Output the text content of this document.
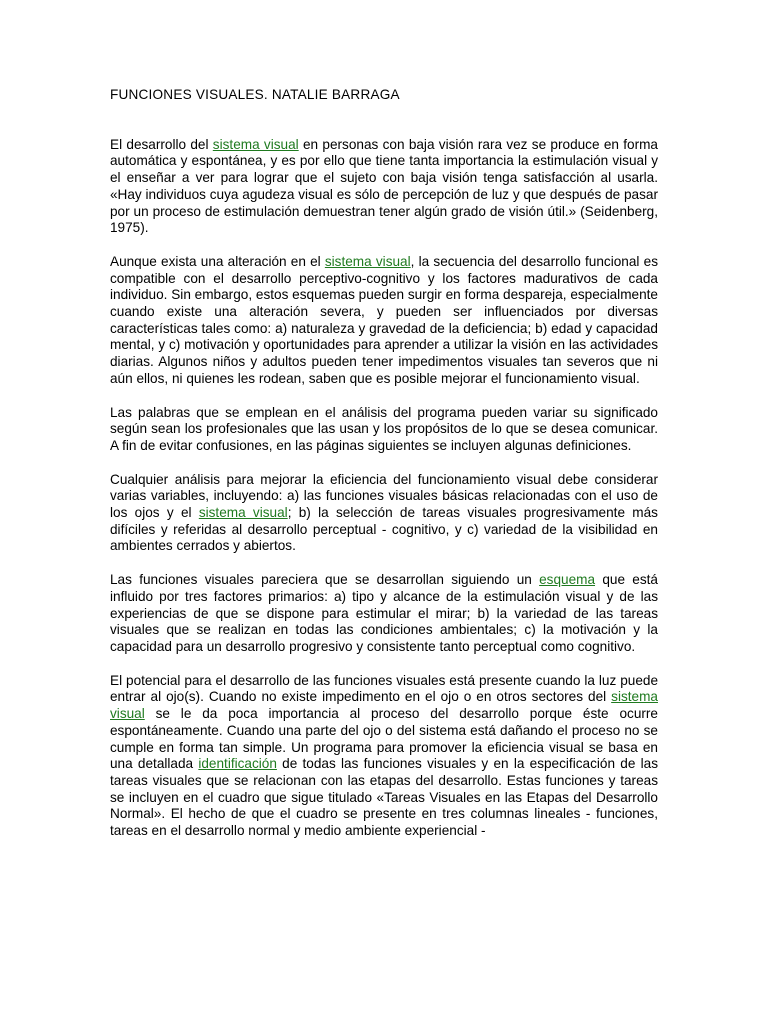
FUNCIONES VISUALES. NATALIE BARRAGA

El desarrollo del sistema visual en personas con baja visión rara vez se produce en forma automática y espontánea, y es por ello que tiene tanta importancia la estimulación visual y el enseñar a ver para lograr que el sujeto con baja visión tenga satisfacción al usarla. «Hay individuos cuya agudeza visual es sólo de percepción de luz y que después de pasar por un proceso de estimulación demuestran tener algún grado de visión útil.» (Seidenberg, 1975).

Aunque exista una alteración en el sistema visual, la secuencia del desarrollo funcional es compatible con el desarrollo perceptivo-cognitivo y los factores madurativos de cada individuo. Sin embargo, estos esquemas pueden surgir en forma despareja, especialmente cuando existe una alteración severa, y pueden ser influenciados por diversas características tales como: a) naturaleza y gravedad de la deficiencia; b) edad y capacidad mental, y c) motivación y oportunidades para aprender a utilizar la visión en las actividades diarias. Algunos niños y adultos pueden tener impedimentos visuales tan severos que ni aún ellos, ni quienes les rodean, saben que es posible mejorar el funcionamiento visual.

Las palabras que se emplean en el análisis del programa pueden variar su significado según sean los profesionales que las usan y los propósitos de lo que se desea comunicar. A fin de evitar confusiones, en las páginas siguientes se incluyen algunas definiciones.

Cualquier análisis para mejorar la eficiencia del funcionamiento visual debe considerar varias variables, incluyendo: a) las funciones visuales básicas relacionadas con el uso de los ojos y el sistema visual; b) la selección de tareas visuales progresivamente más difíciles y referidas al desarrollo perceptual - cognitivo, y c) variedad de la visibilidad en ambientes cerrados y abiertos.

Las funciones visuales pareciera que se desarrollan siguiendo un esquema que está influido por tres factores primarios: a) tipo y alcance de la estimulación visual y de las experiencias de que se dispone para estimular el mirar; b) la variedad de las tareas visuales que se realizan en todas las condiciones ambientales; c) la motivación y la capacidad para un desarrollo progresivo y consistente tanto perceptual como cognitivo.

El potencial para el desarrollo de las funciones visuales está presente cuando la luz puede entrar al ojo(s). Cuando no existe impedimento en el ojo o en otros sectores del sistema visual se le da poca importancia al proceso del desarrollo porque éste ocurre espontáneamente. Cuando una parte del ojo o del sistema está dañando el proceso no se cumple en forma tan simple. Un programa para promover la eficiencia visual se basa en una detallada identificación de todas las funciones visuales y en la especificación de las tareas visuales que se relacionan con las etapas del desarrollo. Estas funciones y tareas se incluyen en el cuadro que sigue titulado «Tareas Visuales en las Etapas del Desarrollo Normal». El hecho de que el cuadro se presente en tres columnas lineales - funciones, tareas en el desarrollo normal y medio ambiente experiencial -
